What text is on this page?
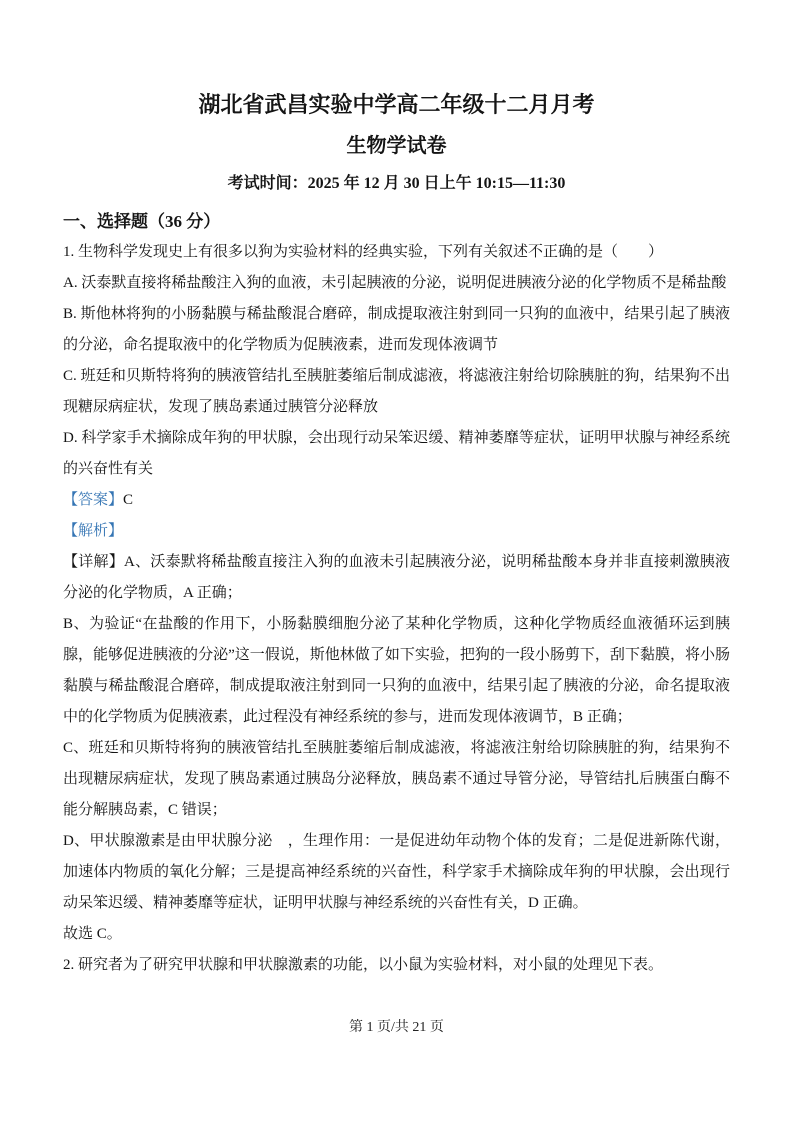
湖北省武昌实验中学高二年级十二月月考
生物学试卷
考试时间：2025 年 12 月 30 日上午 10:15—11:30
一、选择题（36 分）

1. 生物科学发现史上有很多以狗为实验材料的经典实验，下列有关叙述不正确的是（　　）

A. 沃泰默直接将稀盐酸注入狗的血液，未引起胰液的分泌，说明促进胰液分泌的化学物质不是稀盐酸

B. 斯他林将狗的小肠黏膜与稀盐酸混合磨碎，制成提取液注射到同一只狗的血液中，结果引起了胰液的分泌，命名提取液中的化学物质为促胰液素，进而发现体液调节

C. 班廷和贝斯特将狗的胰液管结扎至胰脏萎缩后制成滤液，将滤液注射给切除胰脏的狗，结果狗不出现糖尿病症状，发现了胰岛素通过胰管分泌释放

D. 科学家手术摘除成年狗的甲状腺，会出现行动呆笨迟缓、精神萎靡等症状，证明甲状腺与神经系统的兴奋性有关

【答案】C

【解析】

【详解】A、沃泰默将稀盐酸直接注入狗的血液未引起胰液分泌，说明稀盐酸本身并非直接刺激胰液分泌的化学物质，A 正确；

B、为验证“在盐酸的作用下，小肠黏膜细胞分泌了某种化学物质，这种化学物质经血液循环运到胰腺，能够促进胰液的分泌”这一假说，斯他林做了如下实验，把狗的一段小肠剪下，刮下黏膜，将小肠黏膜与稀盐酸混合磨碎，制成提取液注射到同一只狗的血液中，结果引起了胰液的分泌，命名提取液中的化学物质为促胰液素，此过程没有神经系统的参与，进而发现体液调节，B 正确；

C、班廷和贝斯特将狗的胰液管结扎至胰脏萎缩后制成滤液，将滤液注射给切除胰脏的狗，结果狗不出现糖尿病症状，发现了胰岛素通过胰岛分泌释放，胰岛素不通过导管分泌，导管结扎后胰蛋白酶不能分解胰岛素，C 错误；

D、甲状腺激素是由甲状腺分泌　，生理作用：一是促进幼年动物个体的发育；二是促进新陈代谢，加速体内物质的氧化分解；三是提高神经系统的兴奋性，科学家手术摘除成年狗的甲状腺，会出现行动呆笨迟缓、精神萎靡等症状，证明甲状腺与神经系统的兴奋性有关，D 正确。

故选 C。

2. 研究者为了研究甲状腺和甲状腺激素的功能，以小鼠为实验材料，对小鼠的处理见下表。

第 1 页/共 21 页
